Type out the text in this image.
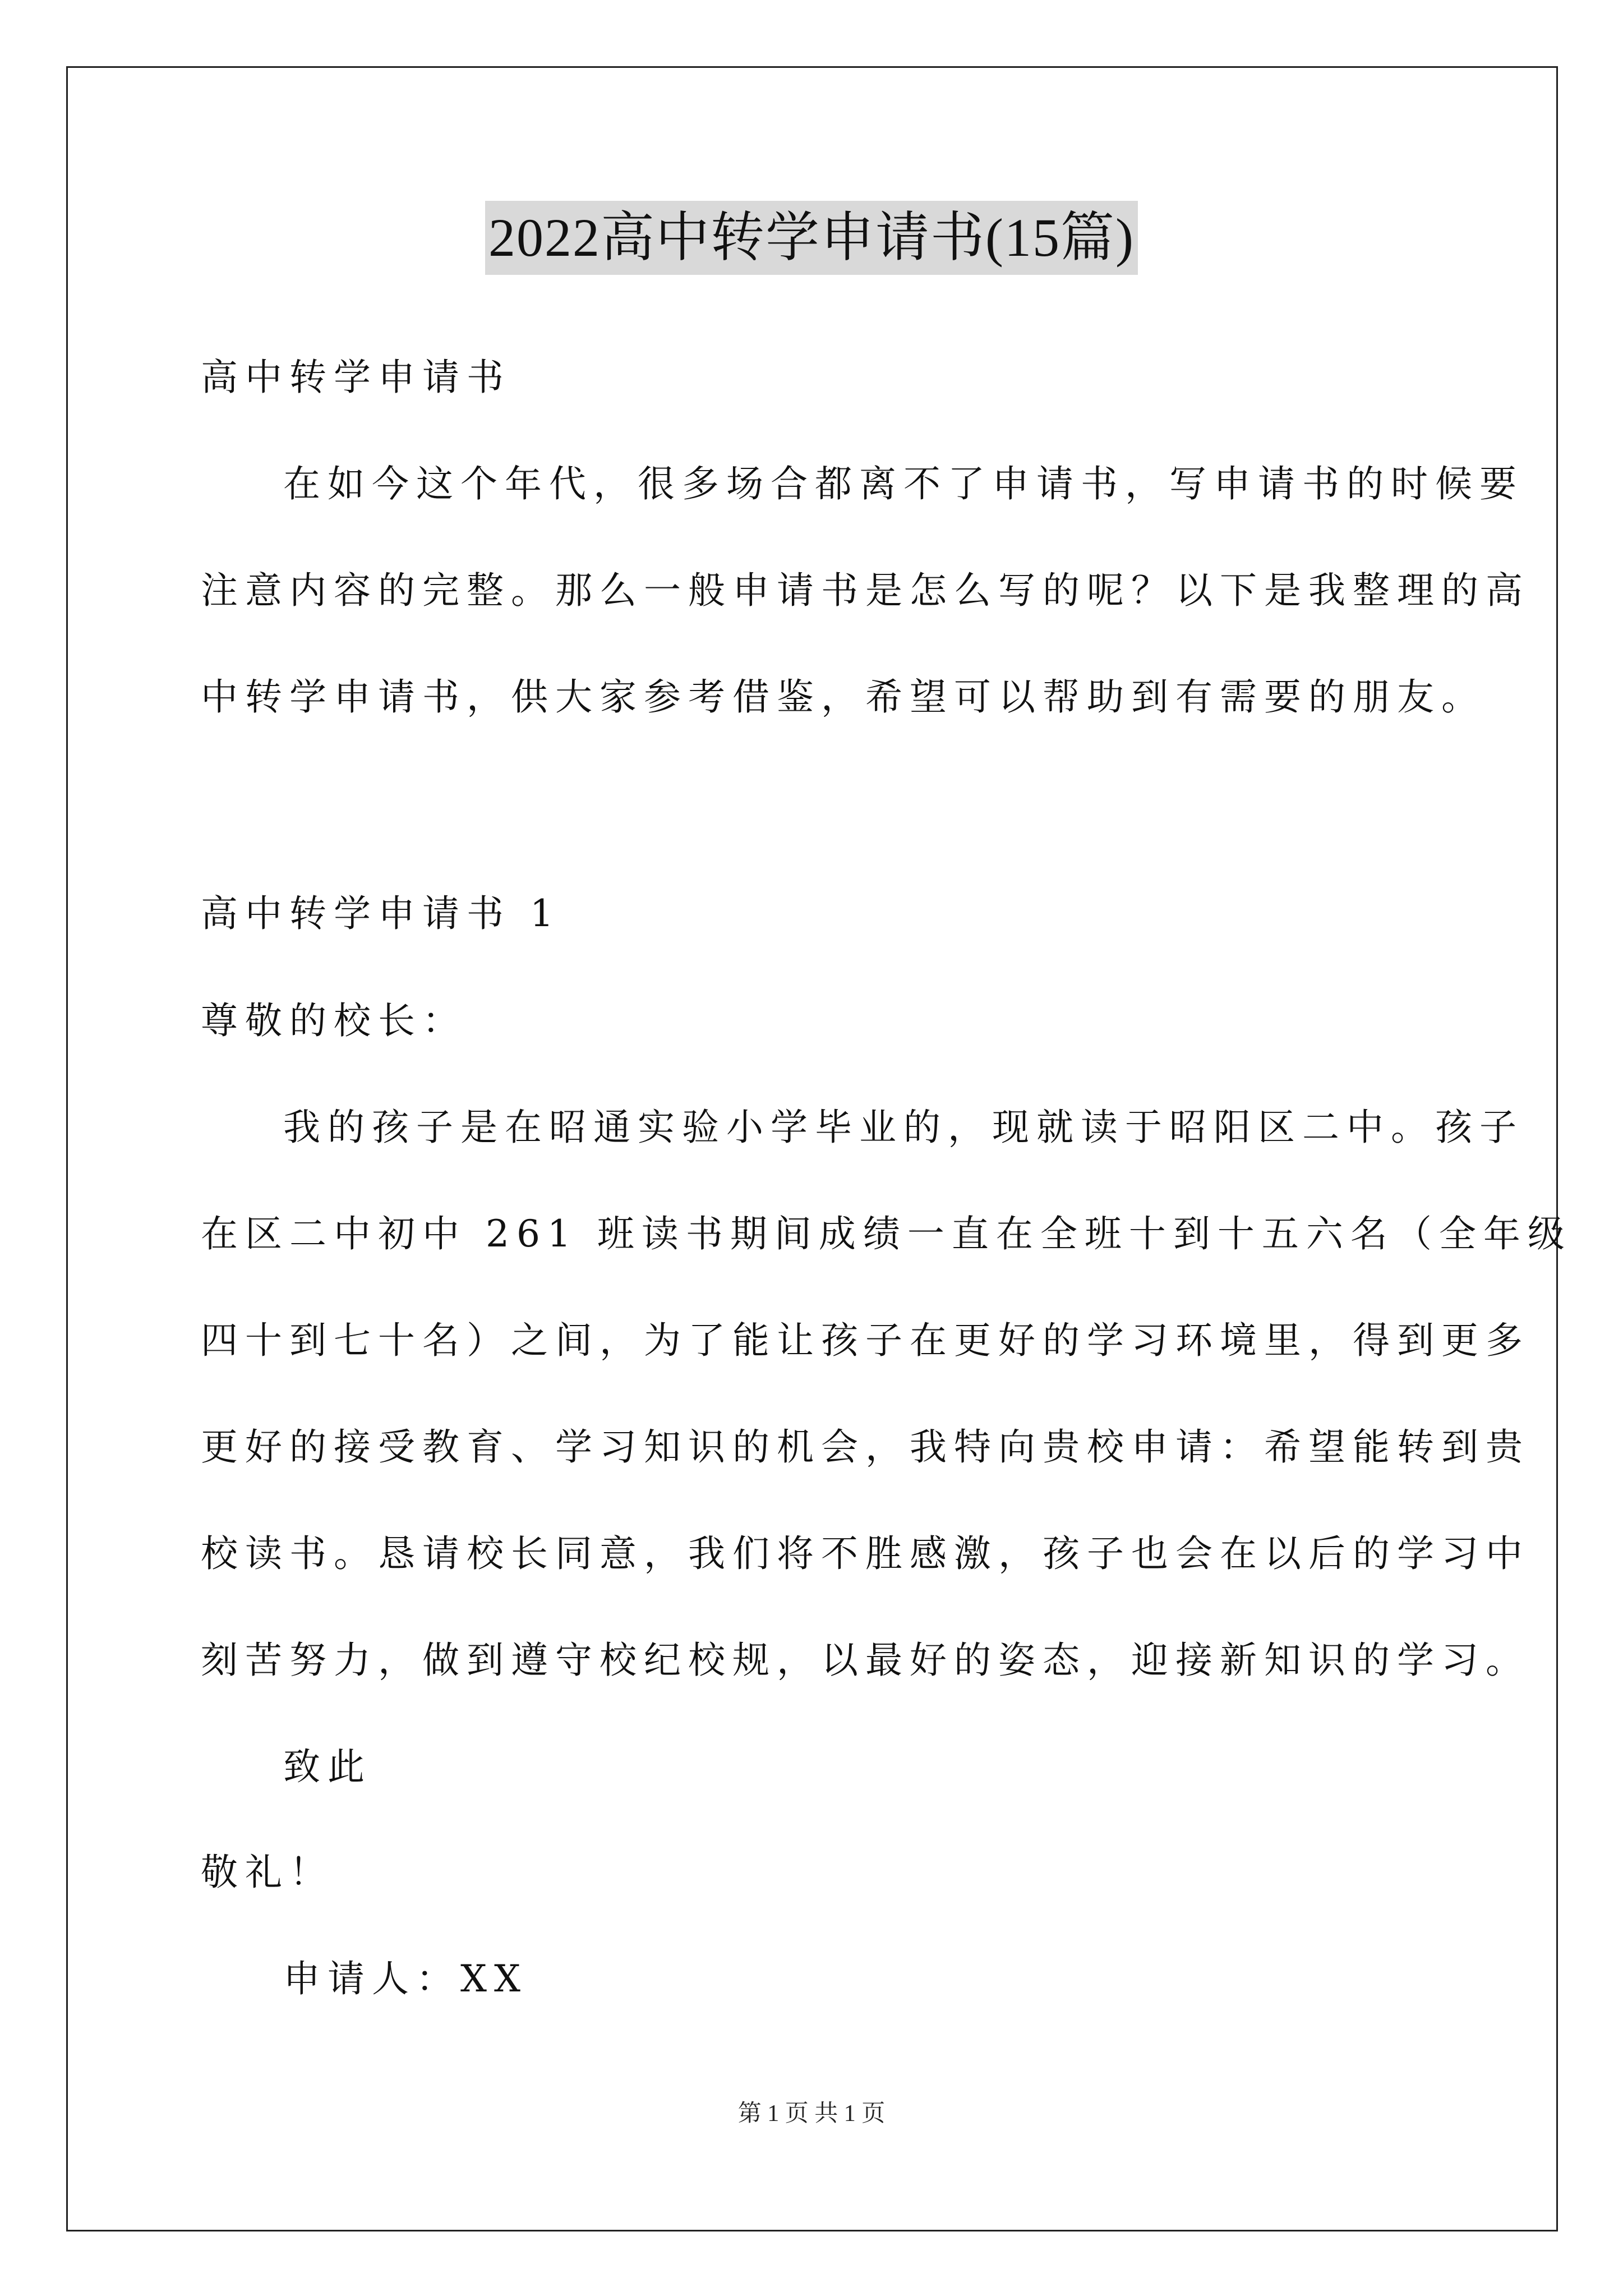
2022高中转学申请书(15篇)
高中转学申请书
在如今这个年代，很多场合都离不了申请书，写申请书的时候要
注意内容的完整。那么一般申请书是怎么写的呢？以下是我整理的高
中转学申请书，供大家参考借鉴，希望可以帮助到有需要的朋友。
高中转学申请书 1
尊敬的校长：
我的孩子是在昭通实验小学毕业的，现就读于昭阳区二中。孩子
在区二中初中 261 班读书期间成绩一直在全班十到十五六名（全年级
四十到七十名）之间，为了能让孩子在更好的学习环境里，得到更多
更好的接受教育、学习知识的机会，我特向贵校申请：希望能转到贵
校读书。恳请校长同意，我们将不胜感激，孩子也会在以后的学习中
刻苦努力，做到遵守校纪校规，以最好的姿态，迎接新知识的学习。
致此
敬礼！
申请人：XX
第 1 页 共 1 页
